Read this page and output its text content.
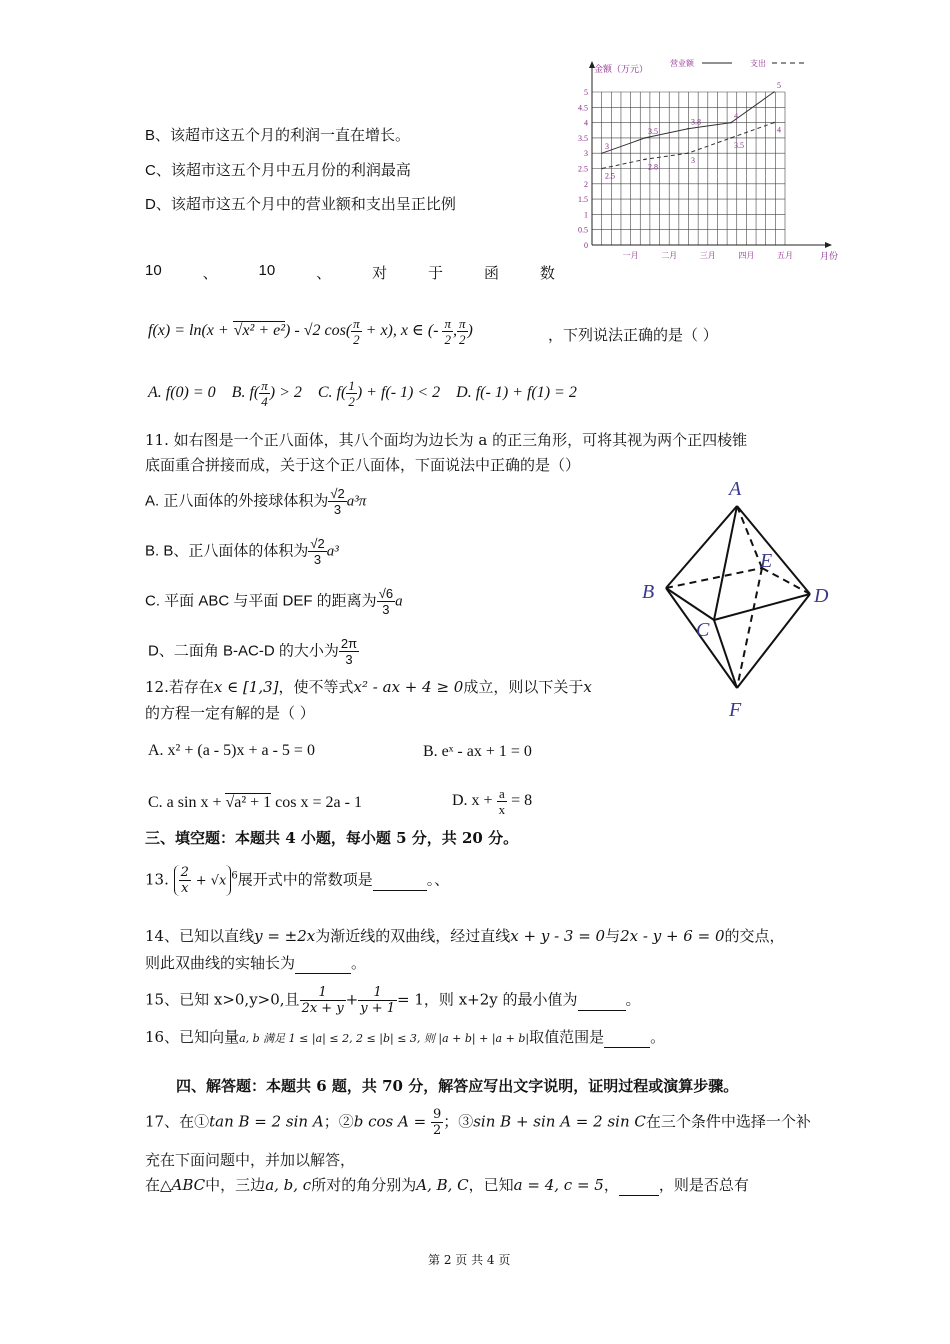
B、该超市这五个月的利润一直在增长。
C、该超市这五个月中五月份的利润最高
D、该超市这五个月中的营业额和支出呈正比例
0
0.5
1
1.5
2
2.5
3
3.5
4
4.5
5
一月	二月	三月	四月	五月
3
3.5
3.8
4
5
2.5
2.8
3
3.5
4
金额（万元）
月份
营业额	支出
10	、	10	、	对	于	函	数
f(x) = ln(x + √x² + e²) - √2 $\cos( \frac{\pi}{2} + x)$, x ∈ (- $\frac{\pi}{2}$ , $\frac{\pi}{2}$ )	，下列说法正确的是（ ）
A. f(0) = 0 B. $f( \frac{\pi}{4}$ ) > 2 C. $f( \frac{1}{2}$ ) + f(- 1) < 2 D. f(- 1) + f(1) = 2
11. 如右图是一个正八面体，其八个面均为边长为 a 的正三角形，可将其视为两个正四棱锥
底面重合拼接而成，关于这个正八面体，下面说法中正确的是（）
A. 正八面体的外接球体积为 $\frac{√2}{3} a^3\pi$
B. B、正八面体的体积为 $\frac{√2}{3} a^3$
C. 平面 ABC 与平面 DEF 的距离为 $\frac{√6}{3}$ a
D、二面角 B-AC-D 的大小为 $\frac{2\pi}{3}$
A
B
C
D
E
F
12.若存在x ∈ [1,3]，使不等式x² - ax + 4 ≥ 0成立，则以下关于x
的方程一定有解的是（ ）
A. x² + (a - 5)x + a - 5 = 0	B. eˣ - ax + 1 = 0
C. a sin x + √a² + 1 cos x = 2a - 1	D. $x + \frac{a}{x} = 8$
三、填空题：本题共 4 小题，每小题 5 分，共 20 分。
13. $\frac{2}{x} + √x$ $^6$展开式中的常数项是	。、
14、已知以直线y = ±2x为渐近线的双曲线，经过直线x + y - 3 = 0与2x - y + 6 = 0的交点，
则此双曲线的实轴长为	。
15、已知 x>0,y>0,且 $\frac{1}{2x + y} + \frac{1}{y + 1} = 1$，则 x+2y 的最小值为	。
16、已知向量a, b 满足 1 ≤ |a| ≤ 2, 2 ≤ |b| ≤ 3, 则 |a + b| + |a + b|取值范围是	。
四、解答题：本题共 6 题，共 70 分，解答应写出文字说明，证明过程或演算步骤。
17、在①tan B = 2 sin A；②b $\cos A = \frac{9}{2}$ ；③sin B + sin A = 2 sin C在三个条件中选择一个补
充在下面问题中，并加以解答，
在△ABC中，三边a, b, c所对的角分别为A, B, C，已知a = 4, c = 5，	，则是否总有
第 2 页 共 4 页
